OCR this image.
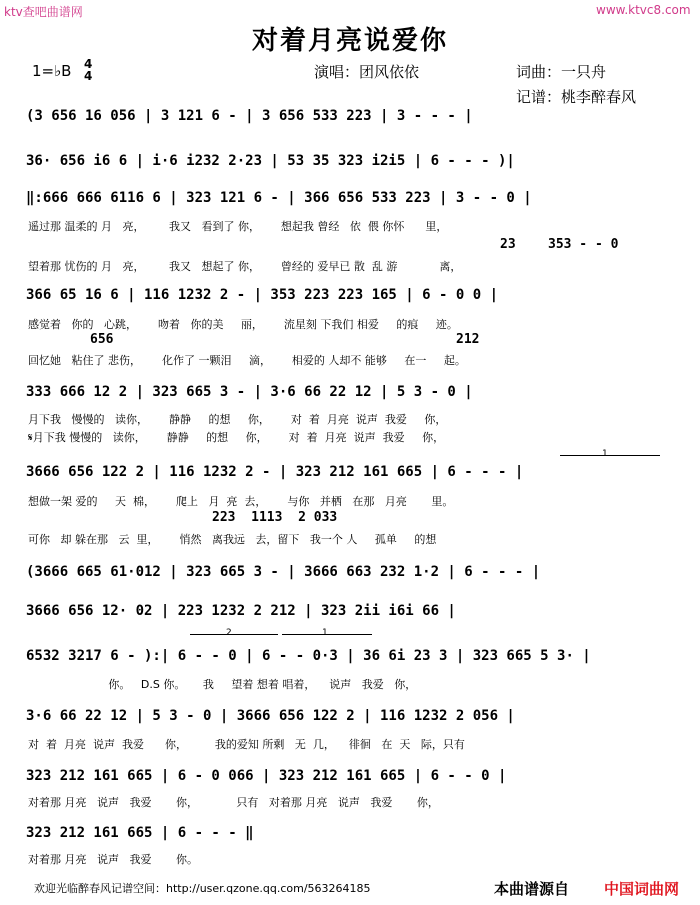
ktv查吧曲谱网	www.ktvc8.com
对着月亮说爱你
1=♭B 4
4	演唱：团风依依	词曲：一只舟
记谱：桃李醉春风
(3 656 16 056 | 3 121 6 - | 3 656 533 223 | 3 - - - |
36· 656 i6 6 | i·6 i232 2·23 | 53 35 323 i2i5 | 6 - - - )|
‖:666 666 6116 6 | 323 121 6 - | 366 656 533 223 | 3 - - 0 |
遥过那 温柔的 月   亮，       我又   看到了 你，      想起我 曾经   依  偎 你怀      里，
23 353 - - 0
望着那 忧伤的 月   亮，       我又   想起了 你，      曾经的 爱早已 散  乱 游            离，
366 65 16 6 | 116 1232 2 - | 353 223 223 165 | 6 - 0 0 |
感觉着   你的   心跳，      吻着   你的美     丽，      流星刻 下我们 相爱     的痕     迹。
656	212
回忆她   粘住了 悲伤，      化作了 一颗泪     滴，      相爱的 人却不 能够     在一     起。
333 666 12 2 | 323 665 3 - | 3·6 66 22 12 | 5 3 - 0 |
月下我   慢慢的   读你，      静静     的想     你，      对  着  月亮  说声  我爱     你，
𝄋月下我 慢慢的   读你，      静静     的想     你，      对  着  月亮  说声  我爱     你，
3666 656 122 2 | 116 1232 2 - | 323 212 161 665 | 6 - - - |
想做一架 爱的     天  棉，      爬上   月  亮  去，      与你   并栖   在那   月亮       里。
223  1113  2 033
可你   却 躲在那   云  里，      悄然   离我远   去，留下   我一个 人     孤单     的想
(3666 665 61·012 | 323 665 3 - | 3666 663 232 1·2 | 6 - - - |
3666 656 12· 02 | 223 1232 2 212 | 323 2ii i6i 66 |
2	1
1
6532 3217 6 - ):| 6 - - 0 | 6 - - 0·3 | 36 6i 23 3 | 323 665 5 3· |
你。   D.S 你。     我     望着 想着 唱着，    说声   我爱   你，
3·6 66 22 12 | 5 3 - 0 | 3666 656 122 2 | 116 1232 2 056 |
对  着  月亮  说声  我爱      你，        我的爱知 所剩   无  几，    徘徊   在  天   际，只有
323 212 161 665 | 6 - 0 066 | 323 212 161 665 | 6 - - 0 |
对着那 月亮   说声   我爱       你，           只有   对着那 月亮   说声   我爱       你，
323 212 161 665 | 6 - - - ‖
对着那 月亮   说声   我爱       你。
欢迎光临醉春风记谱空间：http://user.qzone.qq.com/563264185	本曲谱源自 中国词曲网
